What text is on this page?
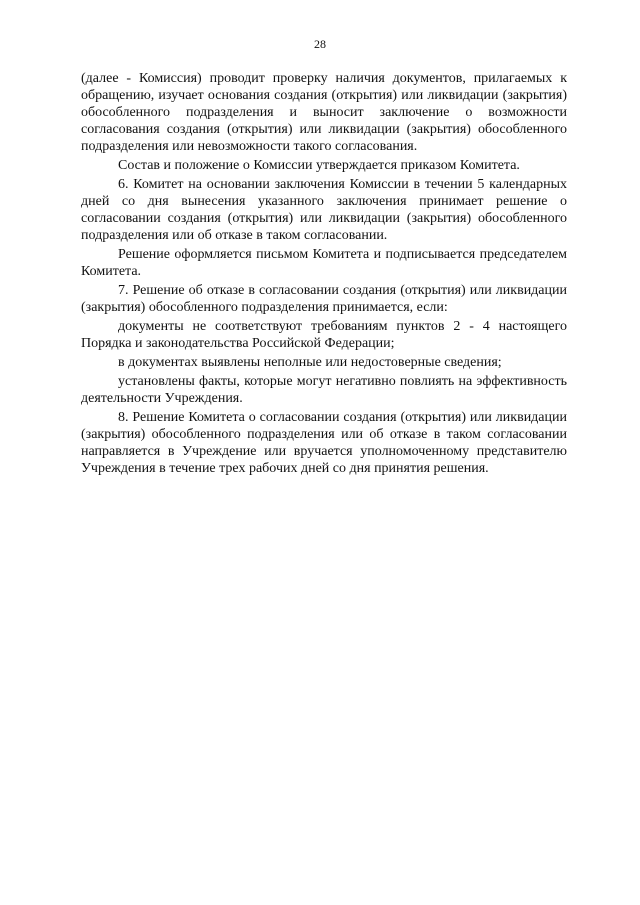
28

(далее - Комиссия) проводит проверку наличия документов, прилагаемых к обращению, изучает основания создания (открытия) или ликвидации (закрытия) обособленного подразделения и выносит заключение о возможности согласования создания (открытия) или ликвидации (закрытия) обособленного подразделения или невозможности такого согласования.

Состав и положение о Комиссии утверждается приказом Комитета.

6. Комитет на основании заключения Комиссии в течении 5 календарных дней со дня вынесения указанного заключения принимает решение о согласовании создания (открытия) или ликвидации (закрытия) обособленного подразделения или об отказе в таком согласовании.

Решение оформляется письмом Комитета и подписывается председателем Комитета.

7. Решение об отказе в согласовании создания (открытия) или ликвидации (закрытия) обособленного подразделения принимается, если:

документы не соответствуют требованиям пунктов 2 - 4 настоящего Порядка и законодательства Российской Федерации;

в документах выявлены неполные или недостоверные сведения;

установлены факты, которые могут негативно повлиять на эффективность деятельности Учреждения.

8. Решение Комитета о согласовании создания (открытия) или ликвидации (закрытия) обособленного подразделения или об отказе в таком согласовании направляется в Учреждение или вручается уполномоченному представителю Учреждения в течение трех рабочих дней со дня принятия решения.
